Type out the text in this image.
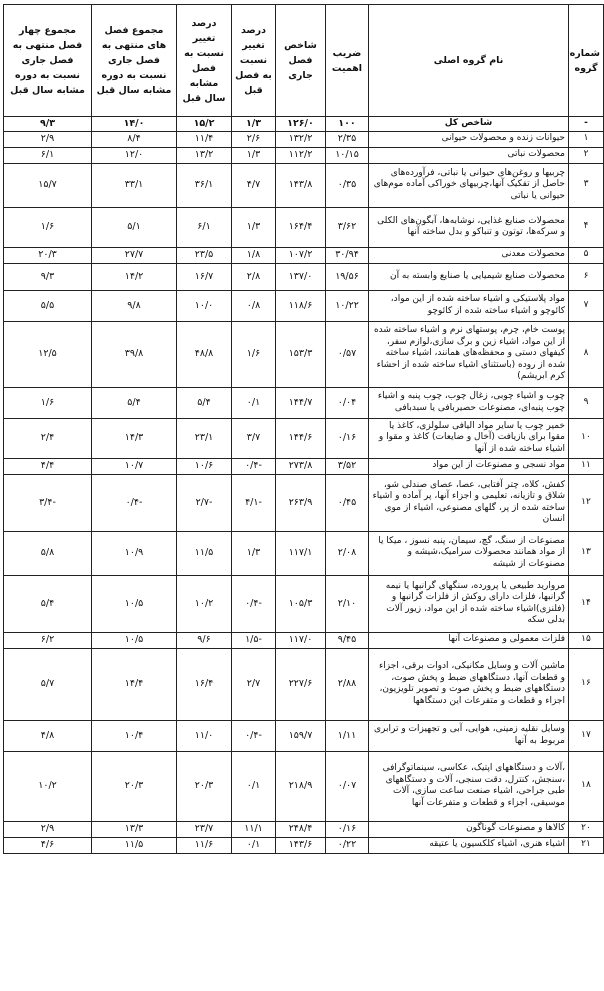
شماره گروه	نام گروه اصلی	ضریب اهمیت	شاخص فصل جاری	درصد تغییر نسبت به فصل قبل	درصد تغییر نسبت به فصل مشابه سال قبل	مجموع فصل های منتهی به فصل جاری نسبت به دوره مشابه سال قبل	مجموع چهار فصل منتهی به فصل جاری نسبت به دوره مشابه سال قبل
-	شاخص کل	۱۰۰	۱۲۶/۰	۱/۳	۱۵/۲	۱۴/۰	۹/۳
۱	حیوانات زنده و محصولات حیوانی	۲/۳۵	۱۳۲/۲	۲/۶	۱۱/۴	۸/۴	۲/۹
۲	محصولات نباتی	۱۰/۱۵	۱۱۲/۲	۱/۳	۱۳/۲	۱۲/۰	۶/۱
۳	چربیها و روغن‌های حیوانی یا نباتی، فرآورده‌های حاصل از تفکیک آنها،چربیهای خوراکی آماده موم‌های حیوانی یا نباتی	۰/۳۵	۱۴۳/۸	۴/۷	۳۶/۱	۳۳/۱	۱۵/۷
۴	محصولات صنایع غذایی، نوشابه‌ها، آبگون‌های الکلی و سرکه‌ها، توتون و تنباکو و بدل ساخته آنها	۳/۶۲	۱۶۴/۴	۱/۳	۶/۱	۵/۱	۱/۶
۵	محصولات معدنی	۳۰/۹۴	۱۰۷/۲	۱/۸	۲۳/۵	۲۷/۷	۲۰/۳
۶	محصولات صنایع شیمیایی یا صنایع وابسته به آن	۱۹/۵۶	۱۳۷/۰	۲/۸	۱۶/۷	۱۴/۲	۹/۳
۷	مواد پلاستیکی و اشیاء ساخته شده از این مواد، کائوچو و اشیاء ساخته شده از کائوچو	۱۰/۲۲	۱۱۸/۶	۰/۸	۱۰/۰	۹/۸	۵/۵
۸	پوست خام، چرم، پوستهای نرم و اشیاء ساخته شده از این مواد، اشیاء زین و برگ سازی،لوازم سفر، کیفهای دستی و محفظه‌های همانند، اشیاء ساخته شده از روده (باستثنای اشیاء ساخته شده از احشاء کرم ابریشم)	۰/۵۷	۱۵۳/۳	۱/۶	۴۸/۸	۳۹/۸	۱۲/۵
۹	چوب و اشیاء چوبی، زغال چوب، چوب پنبه و اشیاء چوب پنبه‌ای، مصنوعات حصیربافی یا سبدبافی	۰/۰۴	۱۴۴/۷	۰/۱	۵/۴	۵/۴	۱/۶
۱۰	خمیر چوب یا سایر مواد الیافی سلولزی، کاغذ یا مقوا برای بازیافت (آخال و ضایعات) کاغذ و مقوا و اشیاء ساخته شده از آنها	۰/۱۶	۱۴۴/۶	۳/۷	۲۳/۱	۱۴/۳	۲/۴
۱۱	مواد نسجی و مصنوعات از این مواد	۳/۵۲	۲۷۳/۸	-۰/۴	۱۰/۶	۱۰/۷	۴/۴
۱۲	کفش، کلاه، چتر آفتابی، عصا، عصای صندلی شو، شلاق و تازیانه، تعلیمی و اجزاء آنها، پر آماده و اشیاء ساخته شده از پر، گلهای مصنوعی، اشیاء از موی انسان	۰/۴۵	۲۶۳/۹	-۴/۱	-۲/۷	-۰/۴	-۳/۴
۱۳	مصنوعات از سنگ، گچ، سیمان، پنبه نسوز ، میکا یا از مواد همانند محصولات سرامیک،شیشه و مصنوعات از شیشه	۲/۰۸	۱۱۷/۱	۱/۳	۱۱/۵	۱۰/۹	۵/۸
۱۴	مروارید طبیعی یا پرورده، سنگهای گرانبها یا نیمه گرانبها، فلزات دارای روکش از فلزات گرانبها و (فلنزی)اشیاء ساخته شده از این مواد، زیور آلات بدلی سکه	۲/۱۰	۱۰۵/۳	-۰/۴	۱۰/۲	۱۰/۵	۵/۴
۱۵	فلزات معمولی و مصنوعات آنها	۹/۴۵	۱۱۷/۰	-۱/۵	۹/۶	۱۰/۵	۶/۲
۱۶	ماشین آلات و وسایل مکانیکی، ادوات برقی، اجزاء و قطعات آنها، دستگاههای ضبط و پخش صوت، دستگاههای ضبط و پخش صوت و تصویر تلویزیون، اجزاء و قطعات و متفرعات این دستگاهها	۲/۸۸	۲۲۷/۶	۲/۷	۱۶/۴	۱۴/۴	۵/۷
۱۷	وسایل نقلیه زمینی، هوایی، آبی و تجهیزات و ترابری مربوط به آنها	۱/۱۱	۱۵۹/۷	-۰/۴	۱۱/۰	۱۰/۴	۴/۸
۱۸	،آلات و دستگاههای اپتیک، عکاسی، سینماتوگرافی ،سنجش، کنترل، دقت سنجی، آلات و دستگاههای طبی جراحی، اشیاء صنعت ساعت سازی، آلات موسیقی، اجزاء و قطعات و متفرعات آنها	۰/۰۷	۲۱۸/۹	۰/۱	۲۰/۳	۲۰/۳	۱۰/۲
۲۰	کالاها و مصنوعات گوناگون	۰/۱۶	۲۴۸/۴	۱۱/۱	۲۳/۷	۱۳/۳	۲/۹
۲۱	اشیاء هنری، اشیاء کلکسیون یا عتیقه	۰/۲۲	۱۴۳/۶	۰/۱	۱۱/۶	۱۱/۵	۴/۶
